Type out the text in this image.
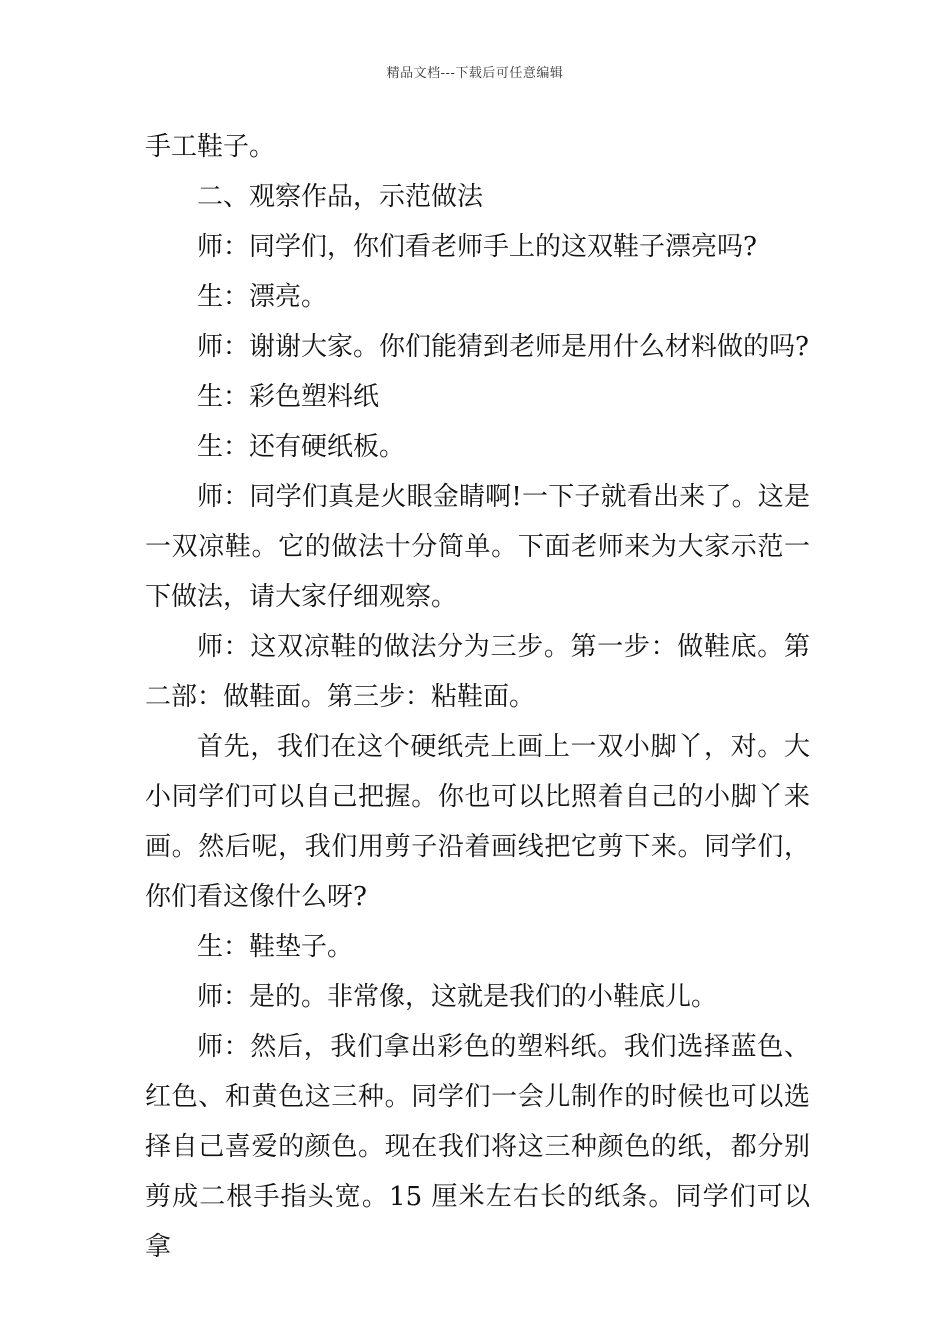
精品文档---下载后可任意编辑

手工鞋子。

二、观察作品，示范做法

师：同学们，你们看老师手上的这双鞋子漂亮吗?

生：漂亮。

师：谢谢大家。你们能猜到老师是用什么材料做的吗?

生：彩色塑料纸

生：还有硬纸板。

师：同学们真是火眼金睛啊!一下子就看出来了。这是一双凉鞋。它的做法十分简单。下面老师来为大家示范一下做法，请大家仔细观察。

师：这双凉鞋的做法分为三步。第一步：做鞋底。第二部：做鞋面。第三步：粘鞋面。

首先，我们在这个硬纸壳上画上一双小脚丫，对。大小同学们可以自己把握。你也可以比照着自己的小脚丫来画。然后呢，我们用剪子沿着画线把它剪下来。同学们，你们看这像什么呀?

生：鞋垫子。

师：是的。非常像，这就是我们的小鞋底儿。

师：然后，我们拿出彩色的塑料纸。我们选择蓝色、红色、和黄色这三种。同学们一会儿制作的时候也可以选择自己喜爱的颜色。现在我们将这三种颜色的纸，都分别剪成二根手指头宽。15 厘米左右长的纸条。同学们可以拿
